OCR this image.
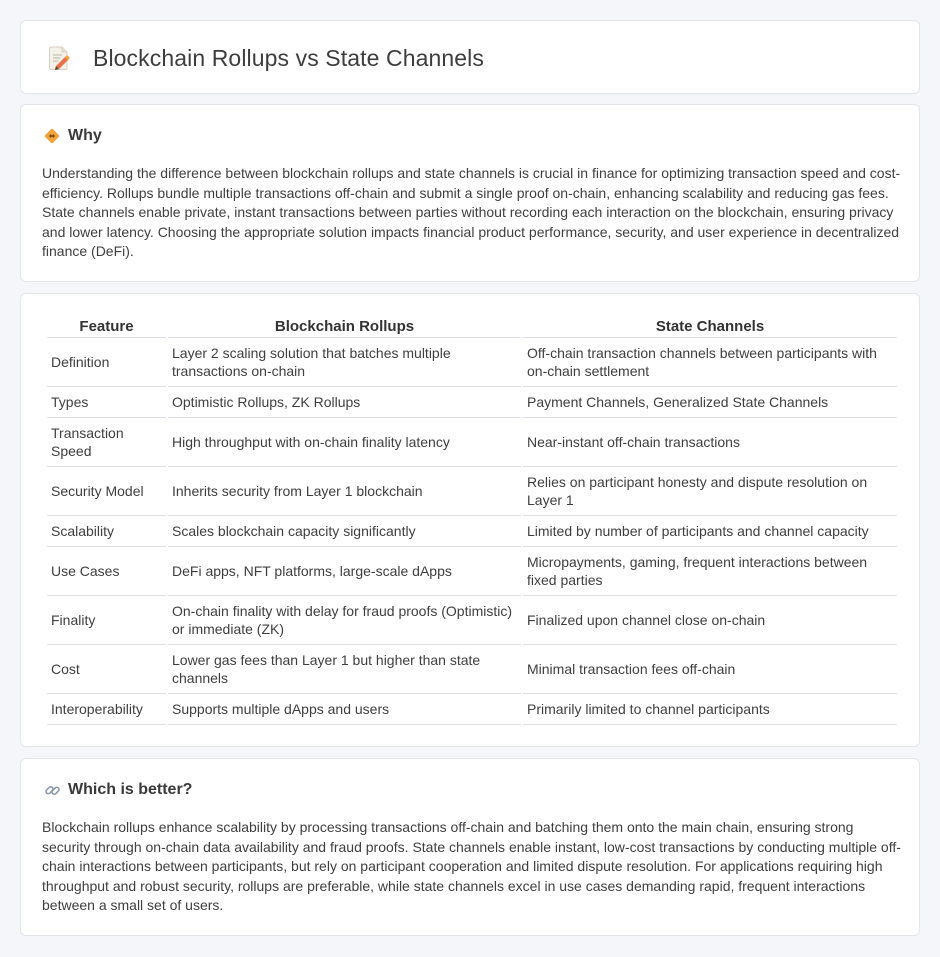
Blockchain Rollups vs State Channels
Why

Understanding the difference between blockchain rollups and state channels is crucial in finance for optimizing transaction speed and cost-efficiency. Rollups bundle multiple transactions off-chain and submit a single proof on-chain, enhancing scalability and reducing gas fees. State channels enable private, instant transactions between parties without recording each interaction on the blockchain, ensuring privacy and lower latency. Choosing the appropriate solution impacts financial product performance, security, and user experience in decentralized finance (DeFi).

Feature	Blockchain Rollups	State Channels
Definition	Layer 2 scaling solution that batches multiple transactions on-chain	Off-chain transaction channels between participants with on-chain settlement
Types	Optimistic Rollups, ZK Rollups	Payment Channels, Generalized State Channels
Transaction Speed	High throughput with on-chain finality latency	Near-instant off-chain transactions
Security Model	Inherits security from Layer 1 blockchain	Relies on participant honesty and dispute resolution on Layer 1
Scalability	Scales blockchain capacity significantly	Limited by number of participants and channel capacity
Use Cases	DeFi apps, NFT platforms, large-scale dApps	Micropayments, gaming, frequent interactions between fixed parties
Finality	On-chain finality with delay for fraud proofs (Optimistic) or immediate (ZK)	Finalized upon channel close on-chain
Cost	Lower gas fees than Layer 1 but higher than state channels	Minimal transaction fees off-chain
Interoperability	Supports multiple dApps and users	Primarily limited to channel participants
Which is better?

Blockchain rollups enhance scalability by processing transactions off-chain and batching them onto the main chain, ensuring strong security through on-chain data availability and fraud proofs. State channels enable instant, low-cost transactions by conducting multiple off-chain interactions between participants, but rely on participant cooperation and limited dispute resolution. For applications requiring high throughput and robust security, rollups are preferable, while state channels excel in use cases demanding rapid, frequent interactions between a small set of users.
